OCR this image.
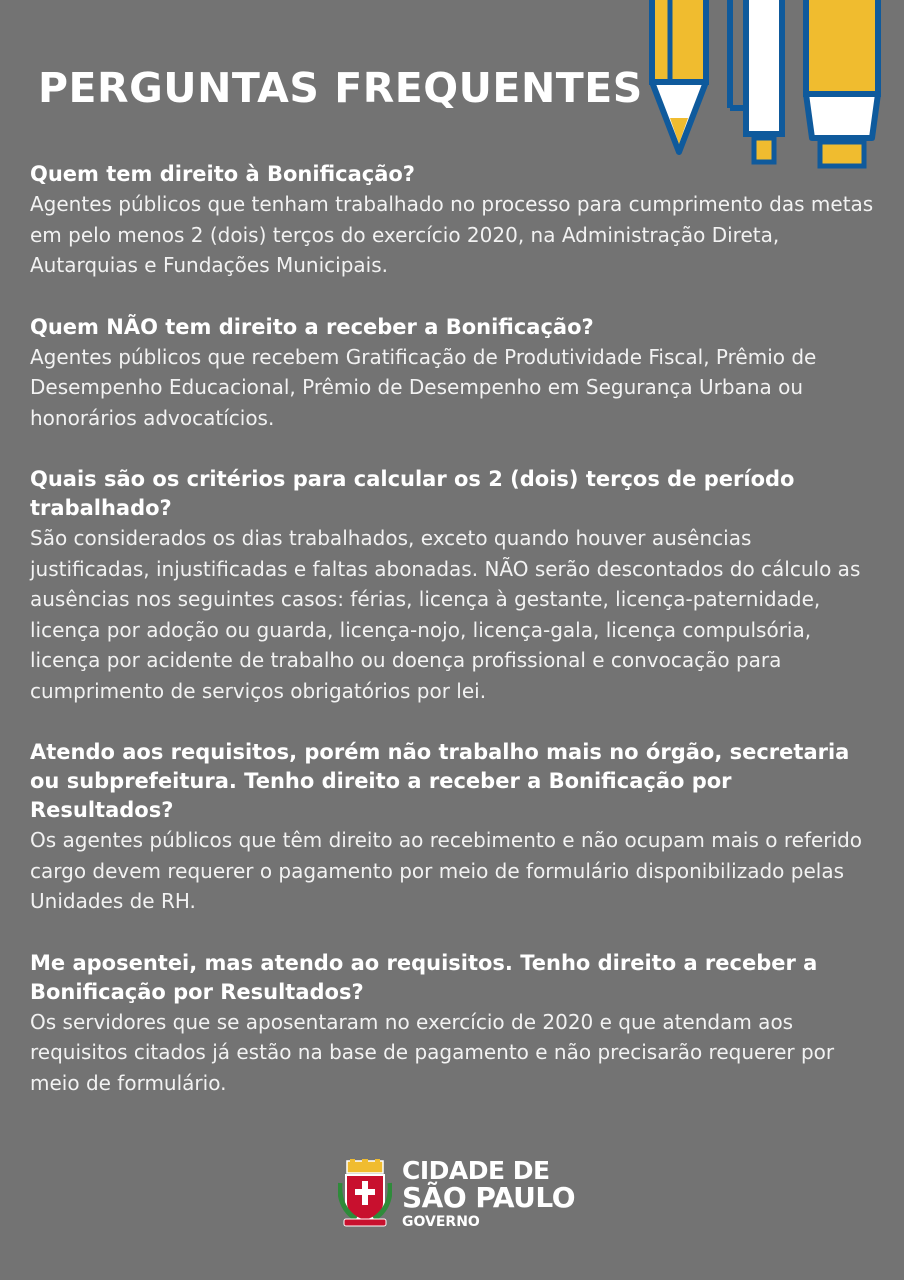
PERGUNTAS FREQUENTES

Quem tem direito à Bonificação?

Agentes públicos que tenham trabalhado no processo para cumprimento das metas em pelo menos 2 (dois) terços do exercício 2020, na Administração Direta, Autarquias e Fundações Municipais.

Quem NÃO tem direito a receber a Bonificação?

Agentes públicos que recebem Gratificação de Produtividade Fiscal, Prêmio de Desempenho Educacional, Prêmio de Desempenho em Segurança Urbana ou honorários advocatícios.

Quais são os critérios para calcular os 2 (dois) terços de período trabalhado?

São considerados os dias trabalhados, exceto quando houver ausências justificadas, injustificadas e faltas abonadas. NÃO serão descontados do cálculo as ausências nos seguintes casos: férias, licença à gestante, licença-paternidade, licença por adoção ou guarda, licença-nojo, licença-gala, licença compulsória, licença por acidente de trabalho ou doença profissional e convocação para cumprimento de serviços obrigatórios por lei.

Atendo aos requisitos, porém não trabalho mais no órgão, secretaria ou subprefeitura. Tenho direito a receber a Bonificação por Resultados?

Os agentes públicos que têm direito ao recebimento e não ocupam mais o referido cargo devem requerer o pagamento por meio de formulário disponibilizado pelas Unidades de RH.

Me aposentei, mas atendo ao requisitos. Tenho direito a receber a Bonificação por Resultados?

Os servidores que se aposentaram no exercício de 2020 e que atendam aos requisitos citados já estão na base de pagamento e não precisarão requerer por meio de formulário.

CIDADE DE
SÃO PAULO
GOVERNO
